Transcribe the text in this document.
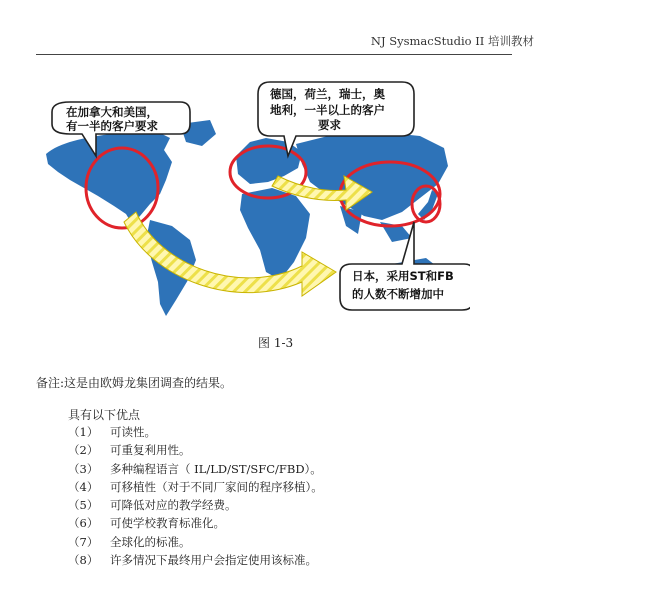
NJ SysmacStudio II 培训教材
在加拿大和美国，
有一半的客户要求
德国，荷兰，瑞士，奥
地利，一半以上的客户
要求
日本，采用ST和FB
的人数不断增加中
图 1-3
备注:这是由欧姆龙集团调查的结果。
具有以下优点
（1） 可读性。
（2） 可重复利用性。
（3） 多种编程语言（ IL/LD/ST/SFC/FBD）。
（4） 可移植性（对于不同厂家间的程序移植）。
（5） 可降低对应的教学经费。
（6） 可使学校教育标准化。
（7） 全球化的标准。
（8） 许多情况下最终用户会指定使用该标准。
